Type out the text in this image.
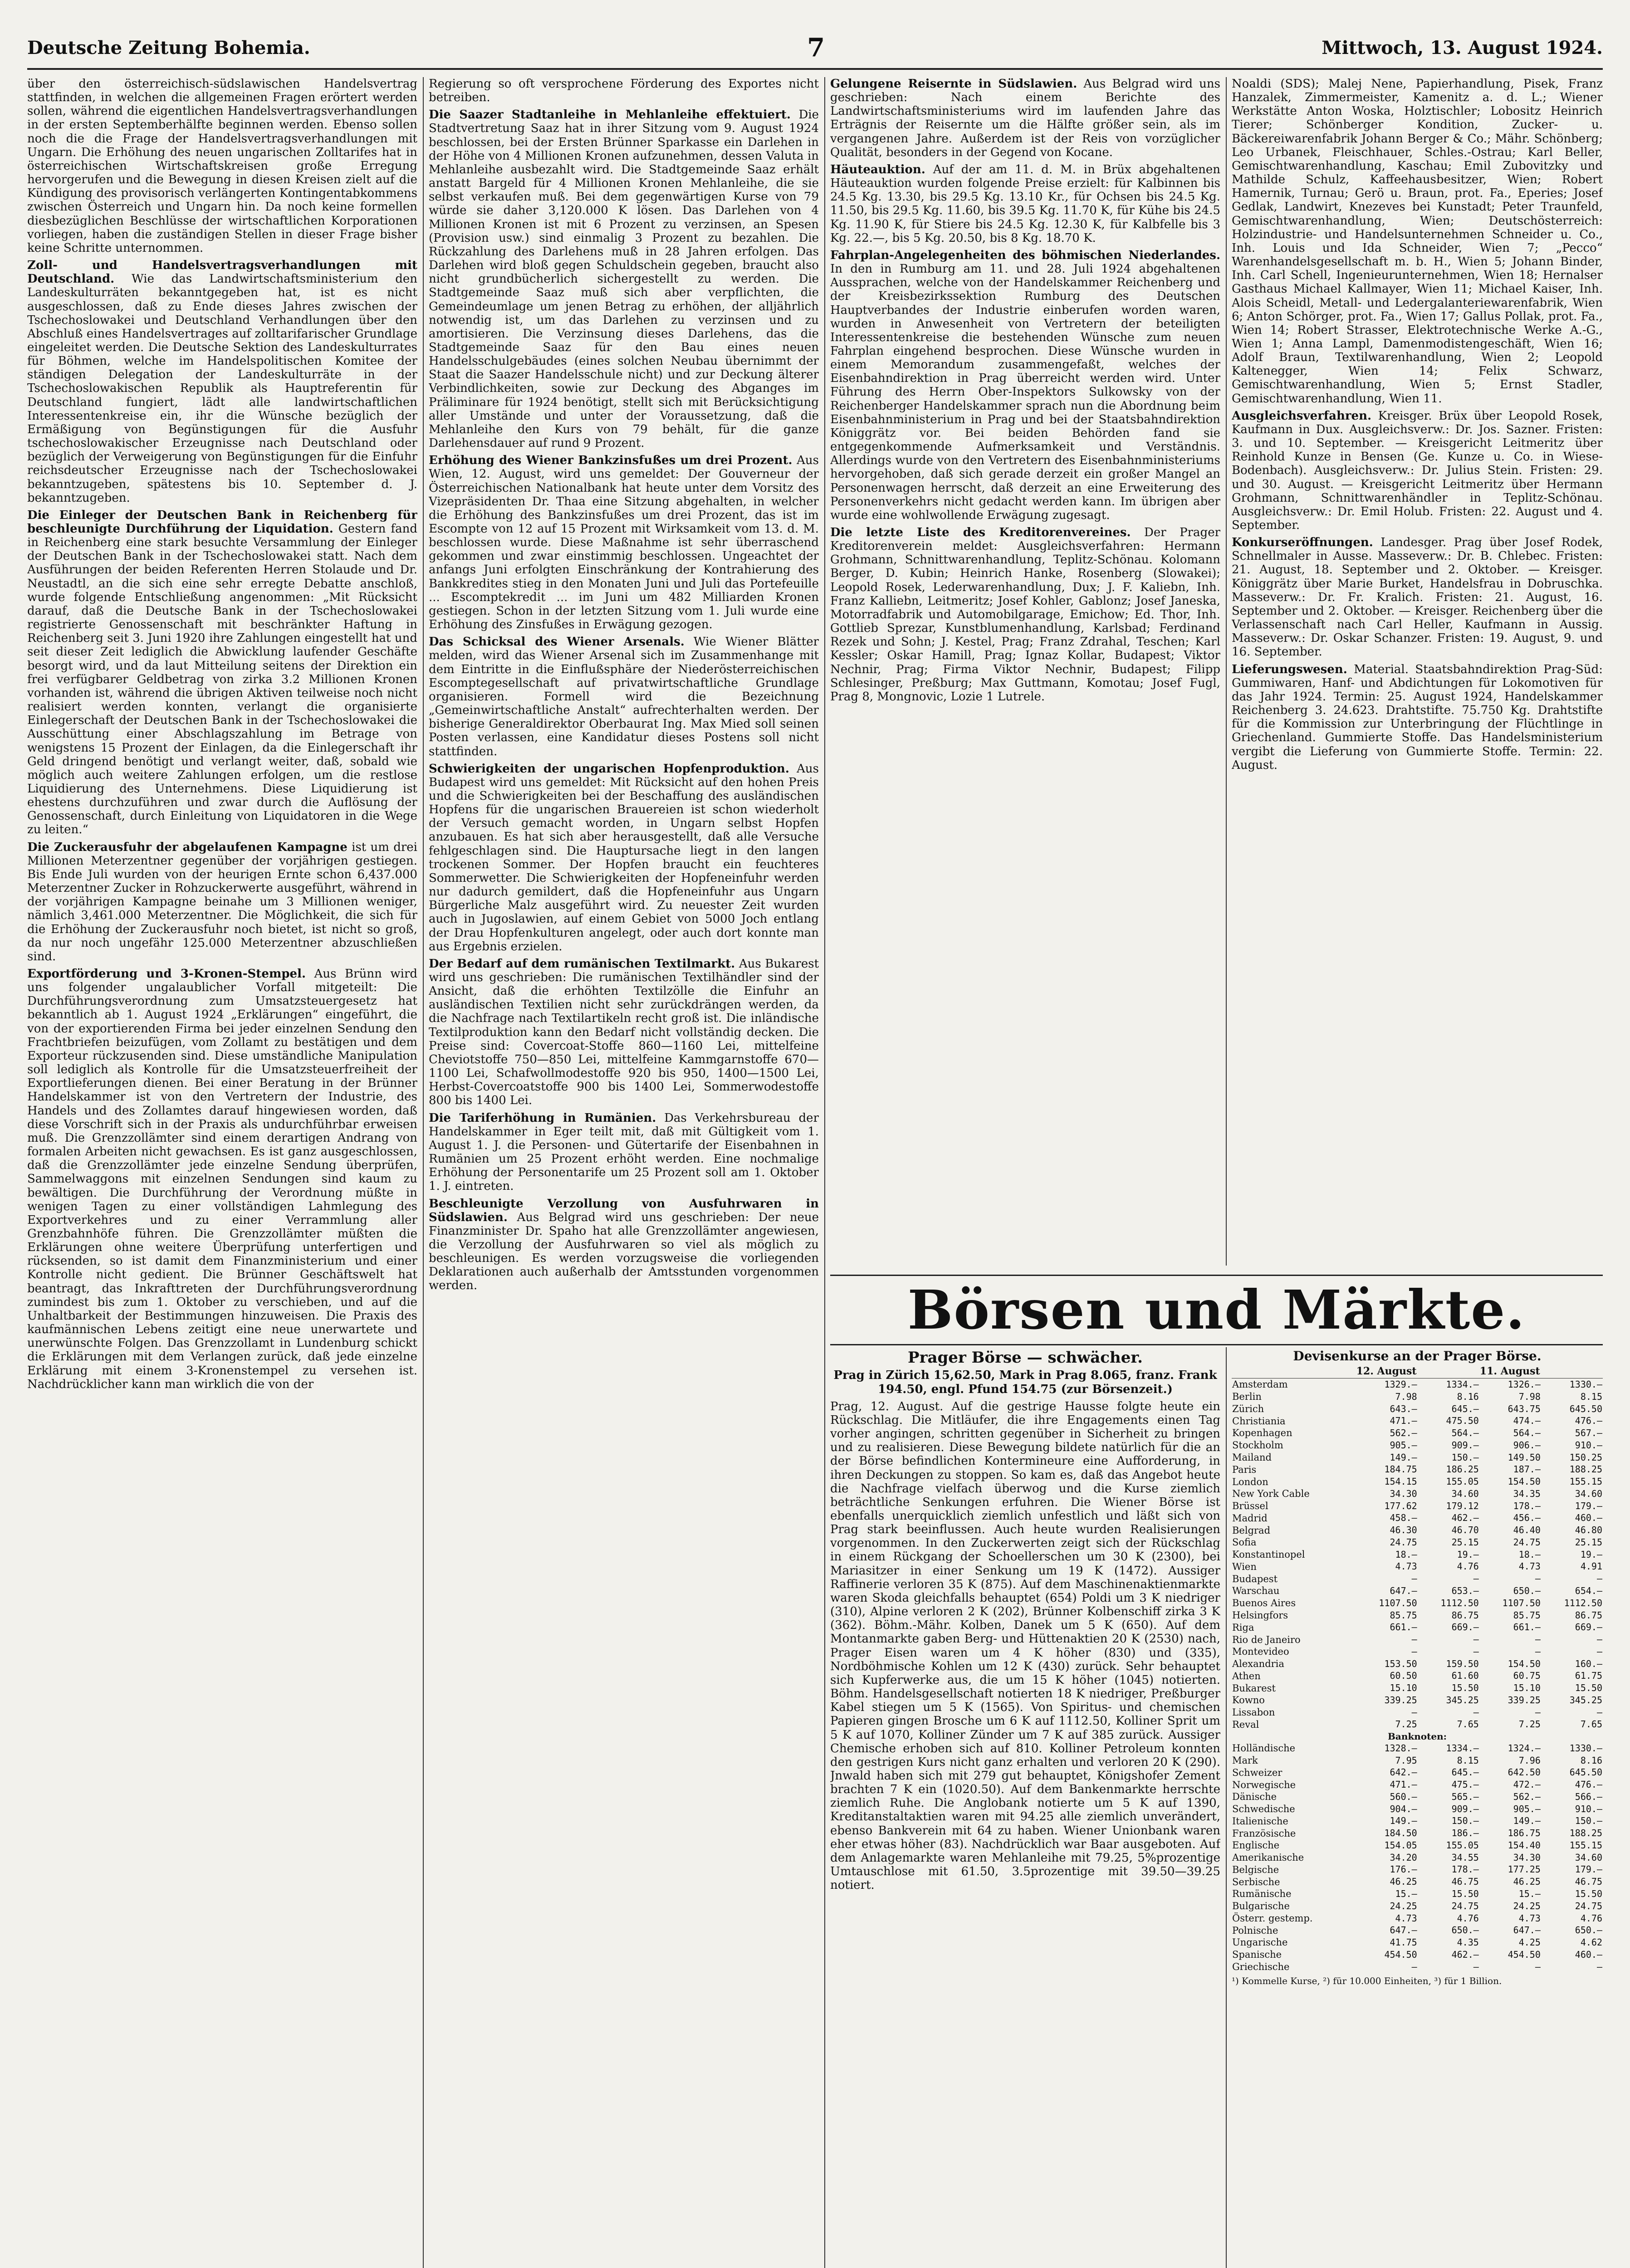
Deutsche Zeitung Bohemia.	7	Mittwoch, 13. August 1924.

über den österreichisch-südslawischen Handelsvertrag stattfinden, in welchen die allgemeinen Fragen erörtert werden sollen, während die eigentlichen Handelsvertragsverhandlungen in der ersten Septemberhälfte beginnen werden. Ebenso sollen noch die die Frage der Handelsvertragsverhandlungen mit Ungarn. Die Erhöhung des neuen ungarischen Zolltarifes hat in österreichischen Wirtschaftskreisen große Erregung hervorgerufen und die Bewegung in diesen Kreisen zielt auf die Kündigung des provisorisch verlängerten Kontingentabkommens zwischen Österreich und Ungarn hin. Da noch keine formellen diesbezüglichen Beschlüsse der wirtschaftlichen Korporationen vorliegen, haben die zuständigen Stellen in dieser Frage bisher keine Schritte unternommen.

Zoll- und Handelsvertragsverhandlungen mit Deutschland. Wie das Landwirtschaftsministerium den Landeskulturräten bekanntgegeben hat, ist es nicht ausgeschlossen, daß zu Ende dieses Jahres zwischen der Tschechoslowakei und Deutschland Verhandlungen über den Abschluß eines Handelsvertrages auf zolltarifarischer Grundlage eingeleitet werden. Die Deutsche Sektion des Landeskulturrates für Böhmen, welche im Handelspolitischen Komitee der ständigen Delegation der Landeskulturräte in der Tschechoslowakischen Republik als Hauptreferentin für Deutschland fungiert, lädt alle landwirtschaftlichen Interessentenkreise ein, ihr die Wünsche bezüglich der Ermäßigung von Begünstigungen für die Ausfuhr tschechoslowakischer Erzeugnisse nach Deutschland oder bezüglich der Verweigerung von Begünstigungen für die Einfuhr reichsdeutscher Erzeugnisse nach der Tschechoslowakei bekanntzugeben, spätestens bis 10. September d. J. bekanntzugeben.

Die Einleger der Deutschen Bank in Reichenberg für beschleunigte Durchführung der Liquidation. Gestern fand in Reichenberg eine stark besuchte Versammlung der Einleger der Deutschen Bank in der Tschechoslowakei statt. Nach dem Ausführungen der beiden Referenten Herren Stolaude und Dr. Neustadtl, an die sich eine sehr erregte Debatte anschloß, wurde folgende Entschließung angenommen: „Mit Rücksicht darauf, daß die Deutsche Bank in der Tschechoslowakei registrierte Genossenschaft mit beschränkter Haftung in Reichenberg seit 3. Juni 1920 ihre Zahlungen eingestellt hat und seit dieser Zeit lediglich die Abwicklung laufender Geschäfte besorgt wird, und da laut Mitteilung seitens der Direktion ein frei verfügbarer Geldbetrag von zirka 3.2 Millionen Kronen vorhanden ist, während die übrigen Aktiven teilweise noch nicht realisiert werden konnten, verlangt die organisierte Einlegerschaft der Deutschen Bank in der Tschechoslowakei die Ausschüttung einer Abschlagszahlung im Betrage von wenigstens 15 Prozent der Einlagen, da die Einlegerschaft ihr Geld dringend benötigt und verlangt weiter, daß, sobald wie möglich auch weitere Zahlungen erfolgen, um die restlose Liquidierung des Unternehmens. Diese Liquidierung ist ehestens durchzuführen und zwar durch die Auflösung der Genossenschaft, durch Einleitung von Liquidatoren in die Wege zu leiten.“

Die Zuckerausfuhr der abgelaufenen Kampagne ist um drei Millionen Meterzentner gegenüber der vorjährigen gestiegen. Bis Ende Juli wurden von der heurigen Ernte schon 6,437.000 Meterzentner Zucker in Rohzuckerwerte ausgeführt, während in der vorjährigen Kampagne beinahe um 3 Millionen weniger, nämlich 3,461.000 Meterzentner. Die Möglichkeit, die sich für die Erhöhung der Zuckerausfuhr noch bietet, ist nicht so groß, da nur noch ungefähr 125.000 Meterzentner abzuschließen sind.

Exportförderung und 3-Kronen-Stempel. Aus Brünn wird uns folgender ungalaublicher Vorfall mitgeteilt: Die Durchführungsverordnung zum Umsatzsteuergesetz hat bekanntlich ab 1. August 1924 „Erklärungen“ eingeführt, die von der exportierenden Firma bei jeder einzelnen Sendung den Frachtbriefen beizufügen, vom Zollamt zu bestätigen und dem Exporteur rückzusenden sind. Diese umständliche Manipulation soll lediglich als Kontrolle für die Umsatzsteuerfreiheit der Exportlieferungen dienen. Bei einer Beratung in der Brünner Handelskammer ist von den Vertretern der Industrie, des Handels und des Zollamtes darauf hingewiesen worden, daß diese Vorschrift sich in der Praxis als undurchführbar erweisen muß. Die Grenzzollämter sind einem derartigen Andrang von formalen Arbeiten nicht gewachsen. Es ist ganz ausgeschlossen, daß die Grenzzollämter jede einzelne Sendung überprüfen, Sammelwaggons mit einzelnen Sendungen sind kaum zu bewältigen. Die Durchführung der Verordnung müßte in wenigen Tagen zu einer vollständigen Lahmlegung des Exportverkehres und zu einer Verrammlung aller Grenzbahnhöfe führen. Die Grenzzollämter müßten die Erklärungen ohne weitere Überprüfung unterfertigen und rücksenden, so ist damit dem Finanzministerium und einer Kontrolle nicht gedient. Die Brünner Geschäftswelt hat beantragt, das Inkrafttreten der Durchführungsverordnung zumindest bis zum 1. Oktober zu verschieben, und auf die Unhaltbarkeit der Bestimmungen hinzuweisen. Die Praxis des kaufmännischen Lebens zeitigt eine neue unerwartete und unerwünschte Folgen. Das Grenzzollamt in Lundenburg schickt die Erklärungen mit dem Verlangen zurück, daß jede einzelne Erklärung mit einem 3-Kronenstempel zu versehen ist. Nachdrücklicher kann man wirklich die von der

Regierung so oft versprochene Förderung des Exportes nicht betreiben.

Die Saazer Stadtanleihe in Mehlanleihe effektuiert. Die Stadtvertretung Saaz hat in ihrer Sitzung vom 9. August 1924 beschlossen, bei der Ersten Brünner Sparkasse ein Darlehen in der Höhe von 4 Millionen Kronen aufzunehmen, dessen Valuta in Mehlanleihe ausbezahlt wird. Die Stadtgemeinde Saaz erhält anstatt Bargeld für 4 Millionen Kronen Mehlanleihe, die sie selbst verkaufen muß. Bei dem gegenwärtigen Kurse von 79 würde sie daher 3,120.000 K lösen. Das Darlehen von 4 Millionen Kronen ist mit 6 Prozent zu verzinsen, an Spesen (Provision usw.) sind einmalig 3 Prozent zu bezahlen. Die Rückzahlung des Darlehens muß in 28 Jahren erfolgen. Das Darlehen wird bloß gegen Schuldschein gegeben, braucht also nicht grundbücherlich sichergestellt zu werden. Die Stadtgemeinde Saaz muß sich aber verpflichten, die Gemeindeumlage um jenen Betrag zu erhöhen, der alljährlich notwendig ist, um das Darlehen zu verzinsen und zu amortisieren. Die Verzinsung dieses Darlehens, das die Stadtgemeinde Saaz für den Bau eines neuen Handelsschulgebäudes (eines solchen Neubau übernimmt der Staat die Saazer Handelsschule nicht) und zur Deckung älterer Verbindlichkeiten, sowie zur Deckung des Abganges im Präliminare für 1924 benötigt, stellt sich mit Berücksichtigung aller Umstände und unter der Voraussetzung, daß die Mehlanleihe den Kurs von 79 behält, für die ganze Darlehensdauer auf rund 9 Prozent.

Erhöhung des Wiener Bankzinsfußes um drei Prozent. Aus Wien, 12. August, wird uns gemeldet: Der Gouverneur der Österreichischen Nationalbank hat heute unter dem Vorsitz des Vizepräsidenten Dr. Thaa eine Sitzung abgehalten, in welcher die Erhöhung des Bankzinsfußes um drei Prozent, das ist im Escompte von 12 auf 15 Prozent mit Wirksamkeit vom 13. d. M. beschlossen wurde. Diese Maßnahme ist sehr überraschend gekommen und zwar einstimmig beschlossen. Ungeachtet der anfangs Juni erfolgten Einschränkung der Kontrahierung des Bankkredites stieg in den Monaten Juni und Juli das Portefeuille ... Escomptekredit ... im Juni um 482 Milliarden Kronen gestiegen. Schon in der letzten Sitzung vom 1. Juli wurde eine Erhöhung des Zinsfußes in Erwägung gezogen.

Das Schicksal des Wiener Arsenals. Wie Wiener Blätter melden, wird das Wiener Arsenal sich im Zusammenhange mit dem Eintritte in die Einflußsphäre der Niederösterreichischen Escomptegesellschaft auf privatwirtschaftliche Grundlage organisieren. Formell wird die Bezeichnung „Gemeinwirtschaftliche Anstalt“ aufrechterhalten werden. Der bisherige Generaldirektor Oberbaurat Ing. Max Mied soll seinen Posten verlassen, eine Kandidatur dieses Postens soll nicht stattfinden.

Schwierigkeiten der ungarischen Hopfenproduktion. Aus Budapest wird uns gemeldet: Mit Rücksicht auf den hohen Preis und die Schwierigkeiten bei der Beschaffung des ausländischen Hopfens für die ungarischen Brauereien ist schon wiederholt der Versuch gemacht worden, in Ungarn selbst Hopfen anzubauen. Es hat sich aber herausgestellt, daß alle Versuche fehlgeschlagen sind. Die Hauptursache liegt in den langen trockenen Sommer. Der Hopfen braucht ein feuchteres Sommerwetter. Die Schwierigkeiten der Hopfeneinfuhr werden nur dadurch gemildert, daß die Hopfeneinfuhr aus Ungarn Bürgerliche Malz ausgeführt wird. Zu neuester Zeit wurden auch in Jugoslawien, auf einem Gebiet von 5000 Joch entlang der Drau Hopfenkulturen angelegt, oder auch dort konnte man aus Ergebnis erzielen.

Der Bedarf auf dem rumänischen Textilmarkt. Aus Bukarest wird uns geschrieben: Die rumänischen Textilhändler sind der Ansicht, daß die erhöhten Textilzölle die Einfuhr an ausländischen Textilien nicht sehr zurückdrängen werden, da die Nachfrage nach Textilartikeln recht groß ist. Die inländische Textilproduktion kann den Bedarf nicht vollständig decken. Die Preise sind: Covercoat-Stoffe 860—1160 Lei, mittelfeine Cheviotstoffe 750—850 Lei, mittelfeine Kammgarnstoffe 670—1100 Lei, Schafwollmodestoffe 920 bis 950, 1400—1500 Lei, Herbst-Covercoatstoffe 900 bis 1400 Lei, Sommerwodestoffe 800 bis 1400 Lei.

Die Tariferhöhung in Rumänien. Das Verkehrsbureau der Handelskammer in Eger teilt mit, daß mit Gültigkeit vom 1. August 1. J. die Personen- und Gütertarife der Eisenbahnen in Rumänien um 25 Prozent erhöht werden. Eine nochmalige Erhöhung der Personentarife um 25 Prozent soll am 1. Oktober 1. J. eintreten.

Beschleunigte Verzollung von Ausfuhrwaren in Südslawien. Aus Belgrad wird uns geschrieben: Der neue Finanzminister Dr. Spaho hat alle Grenzzollämter angewiesen, die Verzollung der Ausfuhrwaren so viel als möglich zu beschleunigen. Es werden vorzugsweise die vorliegenden Deklarationen auch außerhalb der Amtsstunden vorgenommen werden.

Gelungene Reisernte in Südslawien. Aus Belgrad wird uns geschrieben: Nach einem Berichte des Landwirtschaftsministeriums wird im laufenden Jahre das Erträgnis der Reisernte um die Hälfte größer sein, als im vergangenen Jahre. Außerdem ist der Reis von vorzüglicher Qualität, besonders in der Gegend von Kocane.

Häuteauktion. Auf der am 11. d. M. in Brüx abgehaltenen Häuteauktion wurden folgende Preise erzielt: für Kalbinnen bis 24.5 Kg. 13.30, bis 29.5 Kg. 13.10 Kr., für Ochsen bis 24.5 Kg. 11.50, bis 29.5 Kg. 11.60, bis 39.5 Kg. 11.70 K, für Kühe bis 24.5 Kg. 11.90 K, für Stiere bis 24.5 Kg. 12.30 K, für Kalbfelle bis 3 Kg. 22.—, bis 5 Kg. 20.50, bis 8 Kg. 18.70 K.

Fahrplan-Angelegenheiten des böhmischen Niederlandes. In den in Rumburg am 11. und 28. Juli 1924 abgehaltenen Aussprachen, welche von der Handelskammer Reichenberg und der Kreisbezirkssektion Rumburg des Deutschen Hauptverbandes der Industrie einberufen worden waren, wurden in Anwesenheit von Vertretern der beteiligten Interessentenkreise die bestehenden Wünsche zum neuen Fahrplan eingehend besprochen. Diese Wünsche wurden in einem Memorandum zusammengefaßt, welches der Eisenbahndirektion in Prag überreicht werden wird. Unter Führung des Herrn Ober-Inspektors Sulkowsky von der Reichenberger Handelskammer sprach nun die Abordnung beim Eisenbahnministerium in Prag und bei der Staatsbahndirektion Königgrätz vor. Bei beiden Behörden fand sie entgegenkommende Aufmerksamkeit und Verständnis. Allerdings wurde von den Vertretern des Eisenbahnministeriums hervorgehoben, daß sich gerade derzeit ein großer Mangel an Personenwagen herrscht, daß derzeit an eine Erweiterung des Personenverkehrs nicht gedacht werden kann. Im übrigen aber wurde eine wohlwollende Erwägung zugesagt.

Die letzte Liste des Kreditorenvereines. Der Prager Kreditorenverein meldet: Ausgleichsverfahren: Hermann Grohmann, Schnittwarenhandlung, Teplitz-Schönau. Kolomann Berger, D. Kubin; Heinrich Hanke, Rosenberg (Slowakei); Leopold Rosek, Lederwarenhandlung, Dux; J. F. Kaliebn, Inh. Franz Kalliebn, Leitmeritz; Josef Kohler, Gablonz; Josef Janeska, Motorradfabrik und Automobilgarage, Emichow; Ed. Thor, Inh. Gottlieb Sprezar, Kunstblumenhandlung, Karlsbad; Ferdinand Rezek und Sohn; J. Kestel, Prag; Franz Zdrahal, Teschen; Karl Kessler; Oskar Hamill, Prag; Ignaz Kollar, Budapest; Viktor Nechnir, Prag; Firma Viktor Nechnir, Budapest; Filipp Schlesinger, Preßburg; Max Guttmann, Komotau; Josef Fugl, Prag 8, Mongnovic, Lozie 1 Lutrele.

Noaldi (SDS); Malej Nene, Papierhandlung, Pisek, Franz Hanzalek, Zimmermeister, Kamenitz a. d. L.; Wiener Werkstätte Anton Woska, Holztischler; Lobositz Heinrich Tierer; Schönberger Kondition, Zucker- u. Bäckereiwarenfabrik Johann Berger & Co.; Mähr. Schönberg; Leo Urbanek, Fleischhauer, Schles.-Ostrau; Karl Beller, Gemischtwarenhandlung, Kaschau; Emil Zubovitzky und Mathilde Schulz, Kaffeehausbesitzer, Wien; Robert Hamernik, Turnau; Gerö u. Braun, prot. Fa., Eperies; Josef Gedlak, Landwirt, Knezeves bei Kunstadt; Peter Traunfeld, Gemischtwarenhandlung, Wien; Deutschösterreich: Holzindustrie- und Handelsunternehmen Schneider u. Co., Inh. Louis und Ida Schneider, Wien 7; „Pecco“ Warenhandelsgesellschaft m. b. H., Wien 5; Johann Binder, Inh. Carl Schell, Ingenieurunternehmen, Wien 18; Hernalser Gasthaus Michael Kallmayer, Wien 11; Michael Kaiser, Inh. Alois Scheidl, Metall- und Ledergalanteriewarenfabrik, Wien 6; Anton Schörger, prot. Fa., Wien 17; Gallus Pollak, prot. Fa., Wien 14; Robert Strasser, Elektrotechnische Werke A.-G., Wien 1; Anna Lampl, Damenmodistengeschäft, Wien 16; Adolf Braun, Textilwarenhandlung, Wien 2; Leopold Kaltenegger, Wien 14; Felix Schwarz, Gemischtwarenhandlung, Wien 5; Ernst Stadler, Gemischtwarenhandlung, Wien 11.

Ausgleichsverfahren. Kreisger. Brüx über Leopold Rosek, Kaufmann in Dux. Ausgleichsverw.: Dr. Jos. Sazner. Fristen: 3. und 10. September. — Kreisgericht Leitmeritz über Reinhold Kunze in Bensen (Ge. Kunze u. Co. in Wiese-Bodenbach). Ausgleichsverw.: Dr. Julius Stein. Fristen: 29. und 30. August. — Kreisgericht Leitmeritz über Hermann Grohmann, Schnittwarenhändler in Teplitz-Schönau. Ausgleichsverw.: Dr. Emil Holub. Fristen: 22. August und 4. September.

Konkurseröffnungen. Landesger. Prag über Josef Rodek, Schnellmaler in Ausse. Masseverw.: Dr. B. Chlebec. Fristen: 21. August, 18. September und 2. Oktober. — Kreisger. Königgrätz über Marie Burket, Handelsfrau in Dobruschka. Masseverw.: Dr. Fr. Kralich. Fristen: 21. August, 16. September und 2. Oktober. — Kreisger. Reichenberg über die Verlassenschaft nach Carl Heller, Kaufmann in Aussig. Masseverw.: Dr. Oskar Schanzer. Fristen: 19. August, 9. und 16. September.

Lieferungswesen. Material. Staatsbahndirektion Prag-Süd: Gummiwaren, Hanf- und Abdichtungen für Lokomotiven für das Jahr 1924. Termin: 25. August 1924, Handelskammer Reichenberg 3. 24.623. Drahtstifte. 75.750 Kg. Drahtstifte für die Kommission zur Unterbringung der Flüchtlinge in Griechenland. Gummierte Stoffe. Das Handelsministerium vergibt die Lieferung von Gummierte Stoffe. Termin: 22. August.

Börsen und Märkte.
Prager Börse — schwächer.
Prag in Zürich 15,62.50, Mark in Prag 8.065, franz. Frank 194.50, engl. Pfund 154.75 (zur Börsenzeit.)

Prag, 12. August. Auf die gestrige Hausse folgte heute ein Rückschlag. Die Mitläufer, die ihre Engagements einen Tag vorher angingen, schritten gegenüber in Sicherheit zu bringen und zu realisieren. Diese Bewegung bildete natürlich für die an der Börse befindlichen Kontermineure eine Aufforderung, in ihren Deckungen zu stoppen. So kam es, daß das Angebot heute die Nachfrage vielfach überwog und die Kurse ziemlich beträchtliche Senkungen erfuhren. Die Wiener Börse ist ebenfalls unerquicklich ziemlich unfestlich und läßt sich von Prag stark beeinflussen. Auch heute wurden Realisierungen vorgenommen. In den Zuckerwerten zeigt sich der Rückschlag in einem Rückgang der Schoellerschen um 30 K (2300), bei Mariasitzer in einer Senkung um 19 K (1472). Aussiger Raffinerie verloren 35 K (875). Auf dem Maschinenaktienmarkte waren Skoda gleichfalls behauptet (654) Poldi um 3 K niedriger (310), Alpine verloren 2 K (202), Brünner Kolbenschiff zirka 3 K (362). Böhm.-Mähr. Kolben, Danek um 5 K (650). Auf dem Montanmarkte gaben Berg- und Hüttenaktien 20 K (2530) nach, Prager Eisen waren um 4 K höher (830) und (335), Nordböhmische Kohlen um 12 K (430) zurück. Sehr behauptet sich Kupferwerke aus, die um 15 K höher (1045) notierten. Böhm. Handelsgesellschaft notierten 18 K niedriger, Preßburger Kabel stiegen um 5 K (1565). Von Spiritus- und chemischen Papieren gingen Brosche um 6 K auf 1112.50, Kolliner Sprit um 5 K auf 1070, Kolliner Zünder um 7 K auf 385 zurück. Aussiger Chemische erhoben sich auf 810. Kolliner Petroleum konnten den gestrigen Kurs nicht ganz erhalten und verloren 20 K (290). Jnwald haben sich mit 279 gut behauptet, Königshofer Zement brachten 7 K ein (1020.50). Auf dem Bankenmarkte herrschte ziemlich Ruhe. Die Anglobank notierte um 5 K auf 1390, Kreditanstaltaktien waren mit 94.25 alle ziemlich unverändert, ebenso Bankverein mit 64 zu haben. Wiener Unionbank waren eher etwas höher (83). Nachdrücklich war Baar ausgeboten. Auf dem Anlagemarkte waren Mehlanleihe mit 79.25, 5%prozentige Umtauschlose mit 61.50, 3.5prozentige mit 39.50—39.25 notiert.

Devisenkurse an der Prager Börse.
	12. August		11. August	
Amsterdam	1329.—	1334.—	1326.—	1330.—
Berlin	7.98	8.16	7.98	8.15
Zürich	643.—	645.—	643.75	645.50
Christiania	471.—	475.50	474.—	476.—
Kopenhagen	562.—	564.—	564.—	567.—
Stockholm	905.—	909.—	906.—	910.—
Mailand	149.—	150.—	149.50	150.25
Paris	184.75	186.25	187.—	188.25
London	154.15	155.05	154.50	155.15
New York Cable	34.30	34.60	34.35	34.60
Brüssel	177.62	179.12	178.—	179.—
Madrid	458.—	462.—	456.—	460.—
Belgrad	46.30	46.70	46.40	46.80
Sofia	24.75	25.15	24.75	25.15
Konstantinopel	18.—	19.—	18.—	19.—
Wien	4.73	4.76	4.73	4.91
Budapest	—	—	—	—
Warschau	647.—	653.—	650.—	654.—
Buenos Aires	1107.50	1112.50	1107.50	1112.50
Helsingfors	85.75	86.75	85.75	86.75
Riga	661.—	669.—	661.—	669.—
Rio de Janeiro	—	—	—	—
Montevideo	—	—	—	—
Alexandria	153.50	159.50	154.50	160.—
Athen	60.50	61.60	60.75	61.75
Bukarest	15.10	15.50	15.10	15.50
Kowno	339.25	345.25	339.25	345.25
Lissabon	—	—	—	—
Reval	7.25	7.65	7.25	7.65
Banknoten:				
Holländische	1328.—	1334.—	1324.—	1330.—
Mark	7.95	8.15	7.96	8.16
Schweizer	642.—	645.—	642.50	645.50
Norwegische	471.—	475.—	472.—	476.—
Dänische	560.—	565.—	562.—	566.—
Schwedische	904.—	909.—	905.—	910.—
Italienische	149.—	150.—	149.—	150.—
Französische	184.50	186.—	186.75	188.25
Englische	154.05	155.05	154.40	155.15
Amerikanische	34.20	34.55	34.30	34.60
Belgische	176.—	178.—	177.25	179.—
Serbische	46.25	46.75	46.25	46.75
Rumänische	15.—	15.50	15.—	15.50
Bulgarische	24.25	24.75	24.25	24.75
Österr. gestemp.	4.73	4.76	4.73	4.76
Polnische	647.—	650.—	647.—	650.—
Ungarische	41.75	4.35	4.25	4.62
Spanische	454.50	462.—	454.50	460.—
Griechische	—	—	—	—
¹) Kommelle Kurse, ²) für 10.000 Einheiten, ³) für 1 Billion.
